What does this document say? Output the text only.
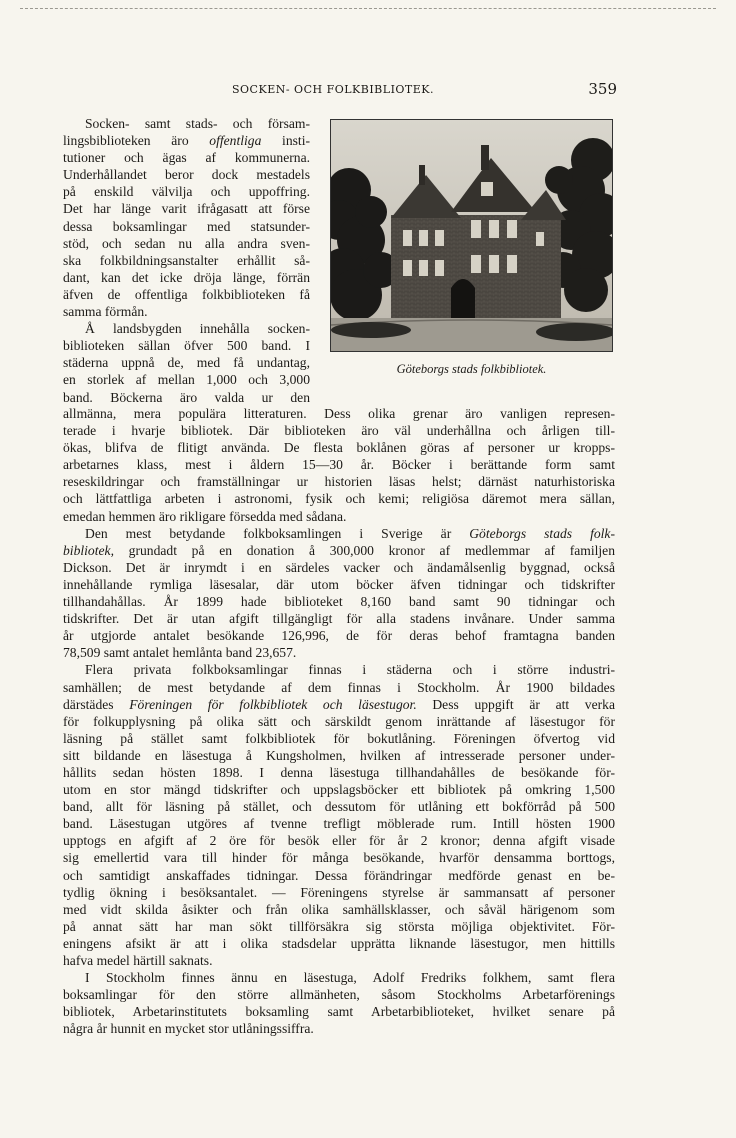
SOCKEN- OCH FOLKBIBLIOTEK.	359
Göteborgs stads folkbibliotek.
Socken- samt stads- och försam-
lingsbiblioteken äro offentliga insti-
tutioner och ägas af kommunerna.
Underhållandet beror dock mestadels
på enskild välvilja och uppoffring.
Det har länge varit ifrågasatt att förse
dessa boksamlingar med statsunder-
stöd, och sedan nu alla andra sven-
ska folkbildningsanstalter erhållit så-
dant, kan det icke dröja länge, förrän
äfven de offentliga folkbiblioteken få
samma förmån.
Å landsbygden innehålla socken-
biblioteken sällan öfver 500 band. I
städerna uppnå de, med få undantag,
en storlek af mellan 1,000 och 3,000
band. Böckerna äro valda ur den
allmänna, mera populära litteraturen. Dess olika grenar äro vanligen represen-
terade i hvarje bibliotek. Där biblioteken äro väl underhållna och årligen till-
ökas, blifva de flitigt använda. De flesta boklånen göras af personer ur kropps-
arbetarnes klass, mest i åldern 15—30 år. Böcker i berättande form samt
reseskildringar och framställningar ur historien läsas helst; därnäst naturhistoriska
och lättfattliga arbeten i astronomi, fysik och kemi; religiösa däremot mera sällan,
emedan hemmen äro rikligare försedda med sådana.
Den mest betydande folkboksamlingen i Sverige är Göteborgs stads folk-
bibliotek, grundadt på en donation å 300,000 kronor af medlemmar af familjen
Dickson. Det är inrymdt i en särdeles vacker och ändamålsenlig byggnad, också
innehållande rymliga läsesalar, där utom böcker äfven tidningar och tidskrifter
tillhandahållas. År 1899 hade biblioteket 8,160 band samt 90 tidningar och
tidskrifter. Det är utan afgift tillgängligt för alla stadens invånare. Under samma
år utgjorde antalet besökande 126,996, de för deras behof framtagna banden
78,509 samt antalet hemlånta band 23,657.
Flera privata folkboksamlingar finnas i städerna och i större industri-
samhällen; de mest betydande af dem finnas i Stockholm. År 1900 bildades
därstädes Föreningen för folkbibliotek och läsestugor. Dess uppgift är att verka
för folkupplysning på olika sätt och särskildt genom inrättande af läsestugor för
läsning på stället samt folkbibliotek för bokutlåning. Föreningen öfvertog vid
sitt bildande en läsestuga å Kungsholmen, hvilken af intresserade personer under-
hållits sedan hösten 1898. I denna läsestuga tillhandahålles de besökande för-
utom en stor mängd tidskrifter och uppslagsböcker ett bibliotek på omkring 1,500
band, allt för läsning på stället, och dessutom för utlåning ett bokförråd på 500
band. Läsestugan utgöres af tvenne trefligt möblerade rum. Intill hösten 1900
upptogs en afgift af 2 öre för besök eller för år 2 kronor; denna afgift visade
sig emellertid vara till hinder för många besökande, hvarför densamma borttogs,
och samtidigt anskaffades tidningar. Dessa förändringar medförde genast en be-
tydlig ökning i besöksantalet. — Föreningens styrelse är sammansatt af personer
med vidt skilda åsikter och från olika samhällsklasser, och såväl härigenom som
på annat sätt har man sökt tillförsäkra sig största möjliga objektivitet. För-
eningens afsikt är att i olika stadsdelar upprätta liknande läsestugor, men hittills
hafva medel härtill saknats.
I Stockholm finnes ännu en läsestuga, Adolf Fredriks folkhem, samt flera
boksamlingar för den större allmänheten, såsom Stockholms Arbetarförenings
bibliotek, Arbetarinstitutets boksamling samt Arbetarbiblioteket, hvilket senare på
några år hunnit en mycket stor utlåningssiffra.
